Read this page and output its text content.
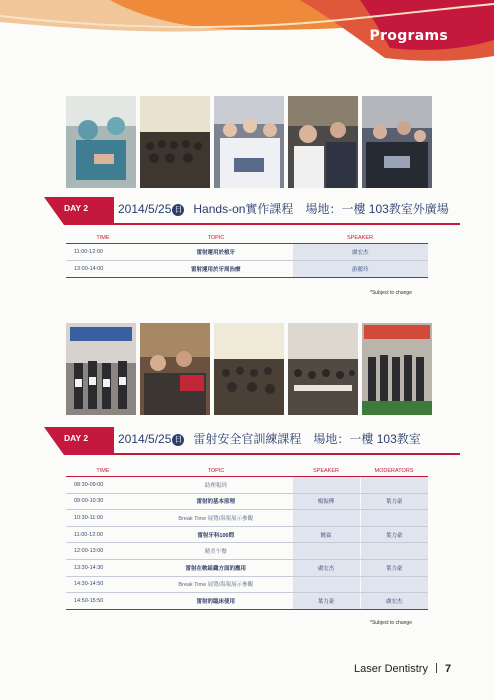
Programs
DAY 2 2014/5/25 日 Hands-on實作課程 場地：一樓 103教室外廣場
TIME	TOPIC	SPEAKER
11:00-12:00	雷射運用於植牙	盧宏杰
13:00-14:00	雷射運用於牙周治療	游麗玲
*Subject to change
DAY 2 2014/5/25 日 雷射安全官訓練課程 場地：一樓 103教室
TIME	TOPIC	SPEAKER	MODERATORS
08:30-09:00	助理報到		
09:00-10:30	雷射的基本原理	楊振樺	葉力豪
10:30-11:00	Break Time 展覽/海報展示參觀		
11:00-12:00	雷射牙科100問	饒霖	葉力豪
12:00-13:00	精美午餐		
13:30-14:30	雷射在軟組織方面的應用	盧宏杰	葉力豪
14:30-14:50	Break Time 展覽/海報展示參觀		
14:50-15:50	雷射的臨床使用	葉力豪	盧宏杰
*Subject to change
Laser Dentistry 7
